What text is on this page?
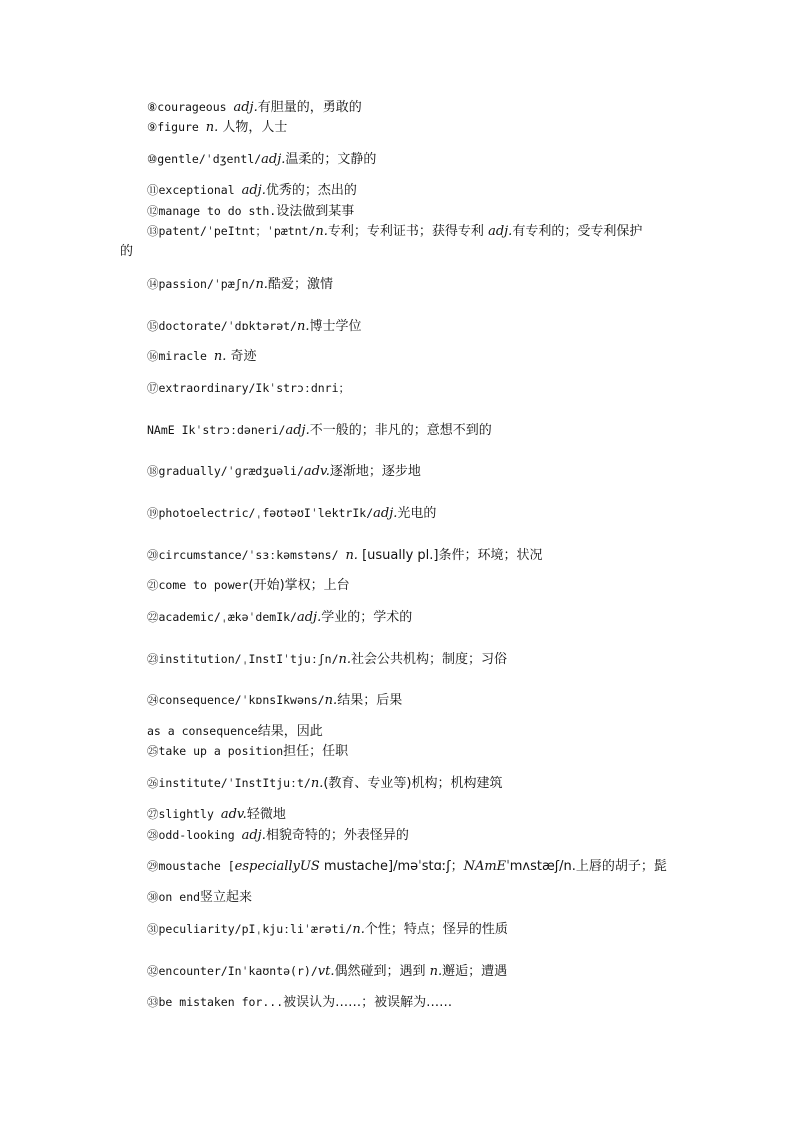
⑧courageous adj.有胆量的，勇敢的
⑨figure n. 人物，人士
⑩gentle/ˈdʒentl/adj.温柔的；文静的
⑪exceptional adj.优秀的；杰出的
⑫manage to do sth.设法做到某事
⑬patent/ˈpeItnt；ˈpætnt/n.专利；专利证书；获得专利 adj.有专利的；受专利保护
⑭passion/ˈpæʃn/n.酷爱；激情
⑮doctorate/ˈdɒktərət/n.博士学位
⑯miracle n. 奇迹
⑰extraordinary/Ikˈstrɔːdnri；
NAmE Ikˈstrɔːdəneri/adj.不一般的；非凡的；意想不到的
⑱gradually/ˈɡrædʒuəli/adv.逐渐地；逐步地
⑲photoelectric/ˌfəʊtəʊIˈlektrIk/adj.光电的
⑳circumstance/ˈsɜːkəmstəns/ n. [usually pl.]条件；环境；状况
㉑come to power(开始)掌权；上台
㉒academic/ˌækəˈdemIk/adj.学业的；学术的
㉓institution/ˌInstIˈtjuːʃn/n.社会公共机构；制度；习俗
㉔consequence/ˈkɒnsIkwəns/n.结果；后果
as a consequence结果，因此
㉕take up a position担任；任职
㉖institute/ˈInstItjuːt/n.(教育、专业等)机构；机构建筑
㉗slightly adv.轻微地
㉘odd-looking adj.相貌奇特的；外表怪异的
㉙moustache [especiallyUS mustache]/məˈstɑːʃ；NAmEˈmʌstæʃ/n.上唇的胡子；髭
㉚on end竖立起来
㉛peculiarity/pIˌkjuːliˈærəti/n.个性；特点；怪异的性质
㉜encounter/Inˈkaʊntə(r)/vt.偶然碰到；遇到 n.邂逅；遭遇
㉝be mistaken for...被误认为……；被误解为……
的
